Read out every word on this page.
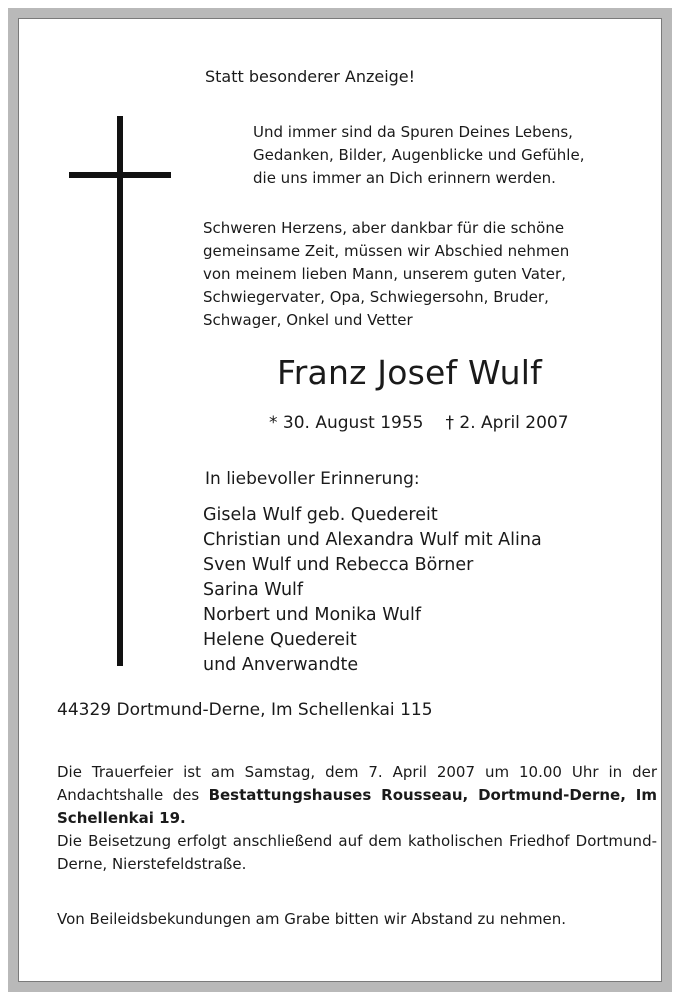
Statt besonderer Anzeige!
Und immer sind da Spuren Deines Lebens,
Gedanken, Bilder, Augenblicke und Gefühle,
die uns immer an Dich erinnern werden.
Schweren Herzens, aber dankbar für die schöne
gemeinsame Zeit, müssen wir Abschied nehmen
von meinem lieben Mann, unserem guten Vater,
Schwiegervater, Opa, Schwiegersohn, Bruder,
Schwager, Onkel und Vetter
Franz Josef Wulf
* 30. August 1955 † 2. April 2007
In liebevoller Erinnerung:
Gisela Wulf geb. Quedereit
Christian und Alexandra Wulf mit Alina
Sven Wulf und Rebecca Börner
Sarina Wulf
Norbert und Monika Wulf
Helene Quedereit
und Anverwandte
44329 Dortmund-Derne, Im Schellenkai 115
Die Trauerfeier ist am Samstag, dem 7. April 2007 um 10.00 Uhr in der Andachtshalle des Bestattungshauses Rousseau, Dortmund-Derne, Im Schellenkai 19.
Die Beisetzung erfolgt anschließend auf dem katholischen Friedhof Dortmund-Derne, Nierstefeldstraße.
Von Beileidsbekundungen am Grabe bitten wir Abstand zu nehmen.
